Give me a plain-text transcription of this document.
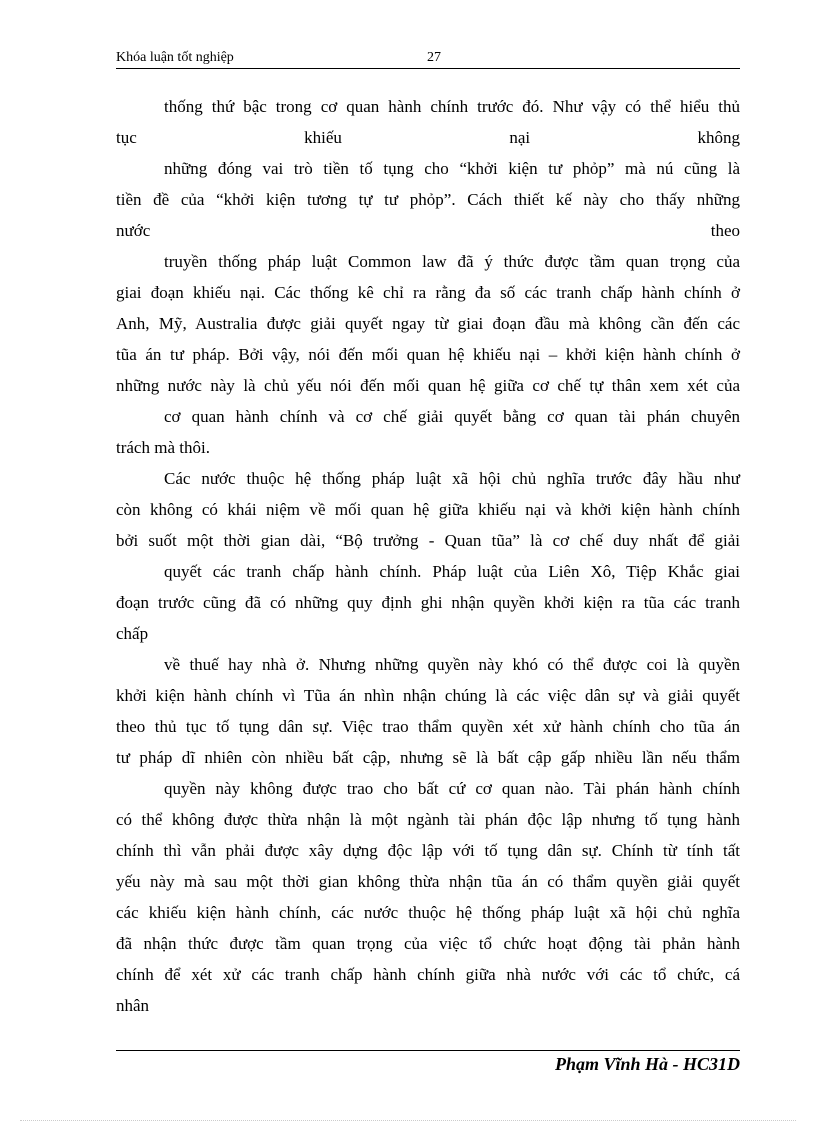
Khóa luận tốt nghiệp	27
thống thứ bậc trong cơ quan hành chính trước đó. Như vậy có thể hiểu thủ
tục khiếu nại không
những đóng vai trò tiền tố tụng cho “khởi kiện tư phỏp” mà nú cũng là
tiền đề của “khởi kiện tương tự tư phỏp”. Cách thiết kế này cho thấy những
nước theo
truyền thống pháp luật Common law đã ý thức được tầm quan trọng của
giai đoạn khiếu nại. Các thống kê chỉ ra rằng đa số các tranh chấp hành chính ở
Anh, Mỹ, Australia được giải quyết ngay từ giai đoạn đầu mà không cần đến các
tũa án tư pháp. Bởi vậy, nói đến mối quan hệ khiếu nại – khởi kiện hành chính ở
những nước này là chủ yếu nói đến mối quan hệ giữa cơ chế tự thân xem xét của
cơ quan hành chính và cơ chế giải quyết bằng cơ quan tài phán chuyên
trách mà thôi.
Các nước thuộc hệ thống pháp luật xã hội chủ nghĩa trước đây hầu như
còn không có khái niệm về mối quan hệ giữa khiếu nại và khởi kiện hành chính
bởi suốt một thời gian dài, “Bộ trưởng - Quan tũa” là cơ chế duy nhất để giải
quyết các tranh chấp hành chính. Pháp luật của Liên Xô, Tiệp Khắc giai
đoạn trước cũng đã có những quy định ghi nhận quyền khởi kiện ra tũa các tranh
chấp
về thuế hay nhà ở. Nhưng những quyền này khó có thể được coi là quyền
khởi kiện hành chính vì Tũa án nhìn nhận chúng là các việc dân sự và giải quyết
theo thủ tục tố tụng dân sự. Việc trao thẩm quyền xét xử hành chính cho tũa án
tư pháp dĩ nhiên còn nhiều bất cập, nhưng sẽ là bất cập gấp nhiều lần nếu thẩm
quyền này không được trao cho bất cứ cơ quan nào. Tài phán hành chính
có thể không được thừa nhận là một ngành tài phán độc lập nhưng tố tụng hành
chính thì vẫn phải được xây dựng độc lập với tố tụng dân sự. Chính từ tính tất
yếu này mà sau một thời gian không thừa nhận tũa án có thẩm quyền giải quyết
các khiếu kiện hành chính, các nước thuộc hệ thống pháp luật xã hội chủ nghĩa
đã nhận thức được tầm quan trọng của việc tổ chức hoạt động tài phản hành
chính để xét xử các tranh chấp hành chính giữa nhà nước với các tổ chức, cá
nhân
Phạm Vĩnh Hà - HC31D
